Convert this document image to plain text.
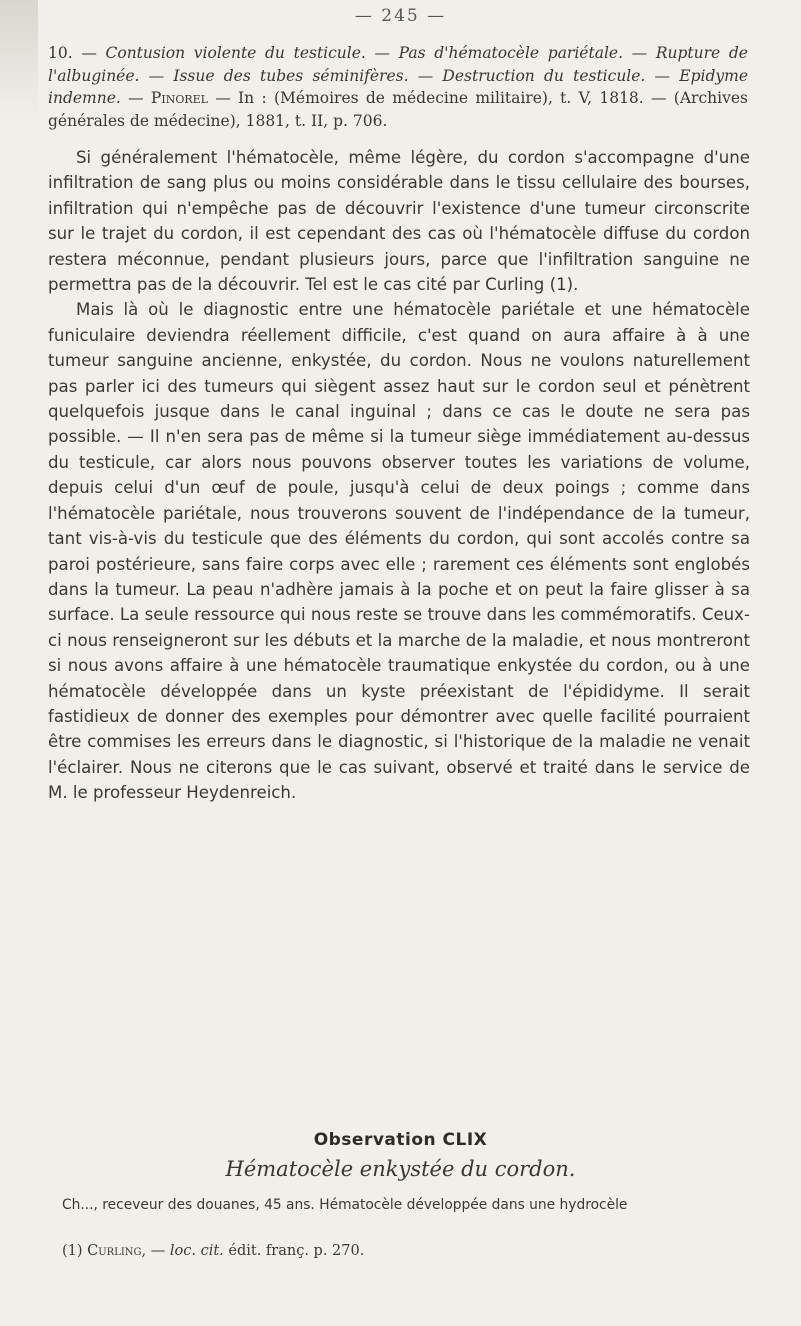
— 245 —
10. — Contusion violente du testicule. — Pas d'hématocèle pariétale. — Rupture de l'albuginée. — Issue des tubes séminifères. — Destruction du testicule. — Epidyme indemne. — Pinorel — In : (Mémoires de médecine militaire), t. V, 1818. — (Archives générales de médecine), 1881, t. II, p. 706.

Si généralement l'hématocèle, même légère, du cordon s'accompagne d'une infiltration de sang plus ou moins considérable dans le tissu cellulaire des bourses, infiltration qui n'empêche pas de découvrir l'existence d'une tumeur circonscrite sur le trajet du cordon, il est cependant des cas où l'hématocèle diffuse du cordon restera méconnue, pendant plusieurs jours, parce que l'infiltration sanguine ne permettra pas de la découvrir. Tel est le cas cité par Curling (1).

Mais là où le diagnostic entre une hématocèle pariétale et une hématocèle funiculaire deviendra réellement difficile, c'est quand on aura affaire à à une tumeur sanguine ancienne, enkystée, du cordon. Nous ne voulons naturellement pas parler ici des tumeurs qui siègent assez haut sur le cordon seul et pénètrent quelquefois jusque dans le canal inguinal ; dans ce cas le doute ne sera pas possible. — Il n'en sera pas de même si la tumeur siège immédiatement au-dessus du testicule, car alors nous pouvons observer toutes les variations de volume, depuis celui d'un œuf de poule, jusqu'à celui de deux poings ; comme dans l'hématocèle pariétale, nous trouverons souvent de l'indépendance de la tumeur, tant vis-à-vis du testicule que des éléments du cordon, qui sont accolés contre sa paroi postérieure, sans faire corps avec elle ; rarement ces éléments sont englobés dans la tumeur. La peau n'adhère jamais à la poche et on peut la faire glisser à sa surface. La seule ressource qui nous reste se trouve dans les commémoratifs. Ceux-ci nous renseigneront sur les débuts et la marche de la maladie, et nous montreront si nous avons affaire à une hématocèle traumatique enkystée du cordon, ou à une hématocèle développée dans un kyste préexistant de l'épididyme. Il serait fastidieux de donner des exemples pour démontrer avec quelle facilité pourraient être commises les erreurs dans le diagnostic, si l'historique de la maladie ne venait l'éclairer. Nous ne citerons que le cas suivant, observé et traité dans le service de M. le professeur Heydenreich.

Observation CLIX
Hématocèle enkystée du cordon.
Ch..., receveur des douanes, 45 ans. Hématocèle développée dans une hydrocèle
(1) Curling, — loc. cit. édit. franç. p. 270.
